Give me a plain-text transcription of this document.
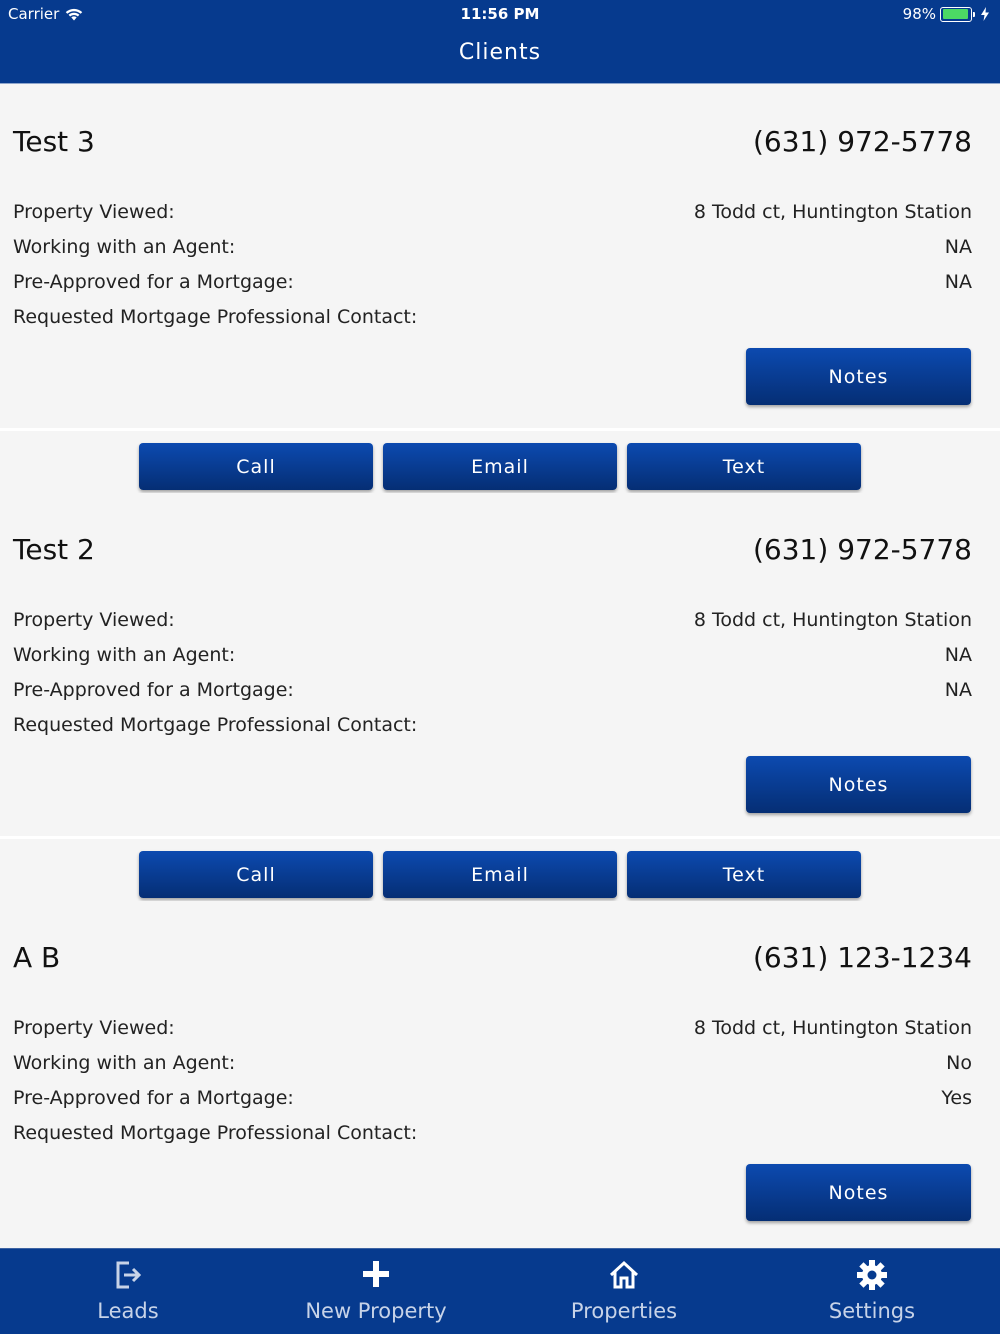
Carrier	11:56 PM	98%
Clients
Test 3	(631) 972-5778
Property Viewed:	8 Todd ct, Huntington Station
Working with an Agent:	NA
Pre-Approved for a Mortgage:	NA
Requested Mortgage Professional Contact:
Notes
Call	Email	Text
Test 2	(631) 972-5778
Property Viewed:	8 Todd ct, Huntington Station
Working with an Agent:	NA
Pre-Approved for a Mortgage:	NA
Requested Mortgage Professional Contact:
Notes
Call	Email	Text
A B	(631) 123-1234
Property Viewed:	8 Todd ct, Huntington Station
Working with an Agent:	No
Pre-Approved for a Mortgage:	Yes
Requested Mortgage Professional Contact:
Notes
Leads	New Property	Properties	Settings
